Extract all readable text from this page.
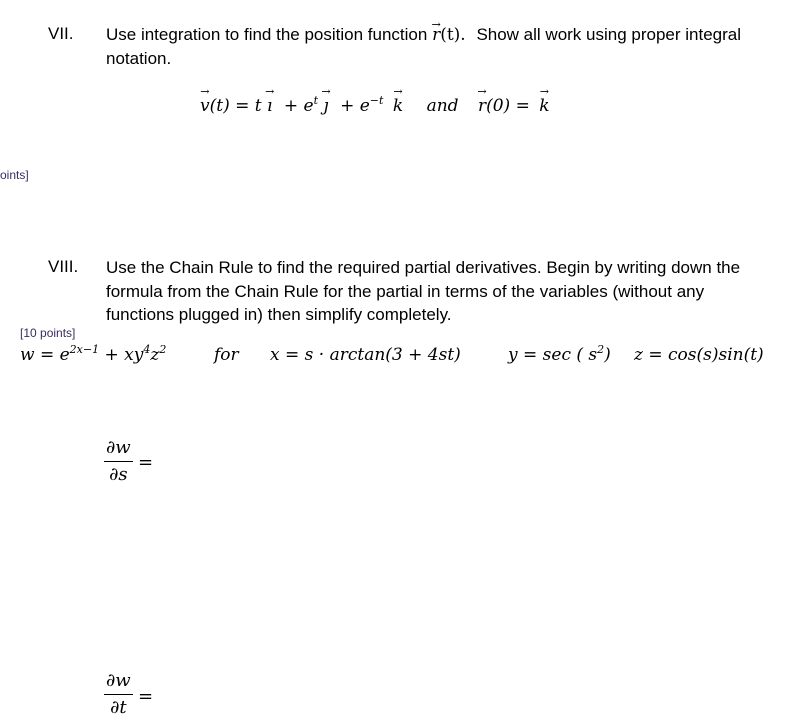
VII. Use integration to find the position function → r(t). Show all work using proper integral
notation.
→ v(t) = t → ı + $e^t$ → ȷ + $e^{-t} \to k$ and → r(0) = → k
oints]
VIII. Use the Chain Rule to find the required partial derivatives. Begin by writing down the
formula from the Chain Rule for the partial in terms of the variables (without any
functions plugged in) then simplify completely.
[10 points]
$w = e^{2x-1} + xy^4z^2$	for x = s · arctan(3 + 4st)	y = sec ( $s^2$) z = cos(s)sin(t)
$\frac{\partial w}{\partial s}$ =
$\frac{\partial w}{\partial t}$ =
